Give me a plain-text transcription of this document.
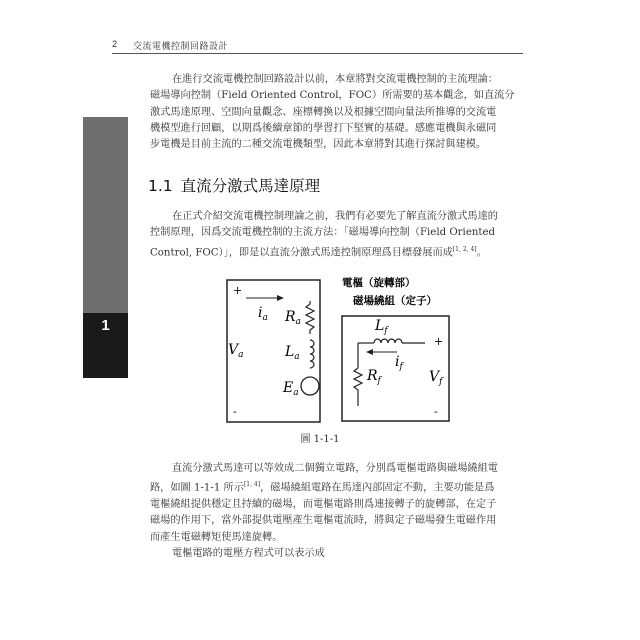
2 交流電機控制回路設計
CHAPTER
1
在進行交流電機控制回路設計以前，本章將對交流電機控制的主流理論：
磁場導向控制（Field Oriented Control，FOC）所需要的基本觀念，如直流分
激式馬達原理、空間向量觀念、座標轉換以及根據空間向量法所推導的交流電
機模型進行回顧，以期爲後續章節的學習打下堅實的基礎。感應電機與永磁同
步電機是目前主流的二種交流電機類型，因此本章將對其進行探討與建模。
1.1 直流分激式馬達原理
在正式介紹交流電機控制理論之前，我們有必要先了解直流分激式馬達的
控制原理，因爲交流電機控制的主流方法：「磁場導向控制（Field Oriented
Control, FOC）」，即是以直流分激式馬達控制原理爲目標發展而成[1, 2, 4]。
+
-
$i_a$ $R_a$
$L_a$
$E_a$
$V_a$
+
-
$L_f$
$i_f$
$R_f$	$V_f$
電樞（旋轉部）
磁場繞組（定子）
圖 1-1-1
直流分激式馬達可以等效成二個獨立電路，分別爲電樞電路與磁場繞組電
路，如圖 1-1-1 所示[1, 4]，磁場繞組電路在馬達內部固定不動，主要功能是爲
電樞繞組提供穩定且持續的磁場，而電樞電路則爲連接轉子的旋轉部，在定子
磁場的作用下，當外部提供電壓產生電樞電流時，將與定子磁場發生電磁作用
而產生電磁轉矩使馬達旋轉。
電樞電路的電壓方程式可以表示成
